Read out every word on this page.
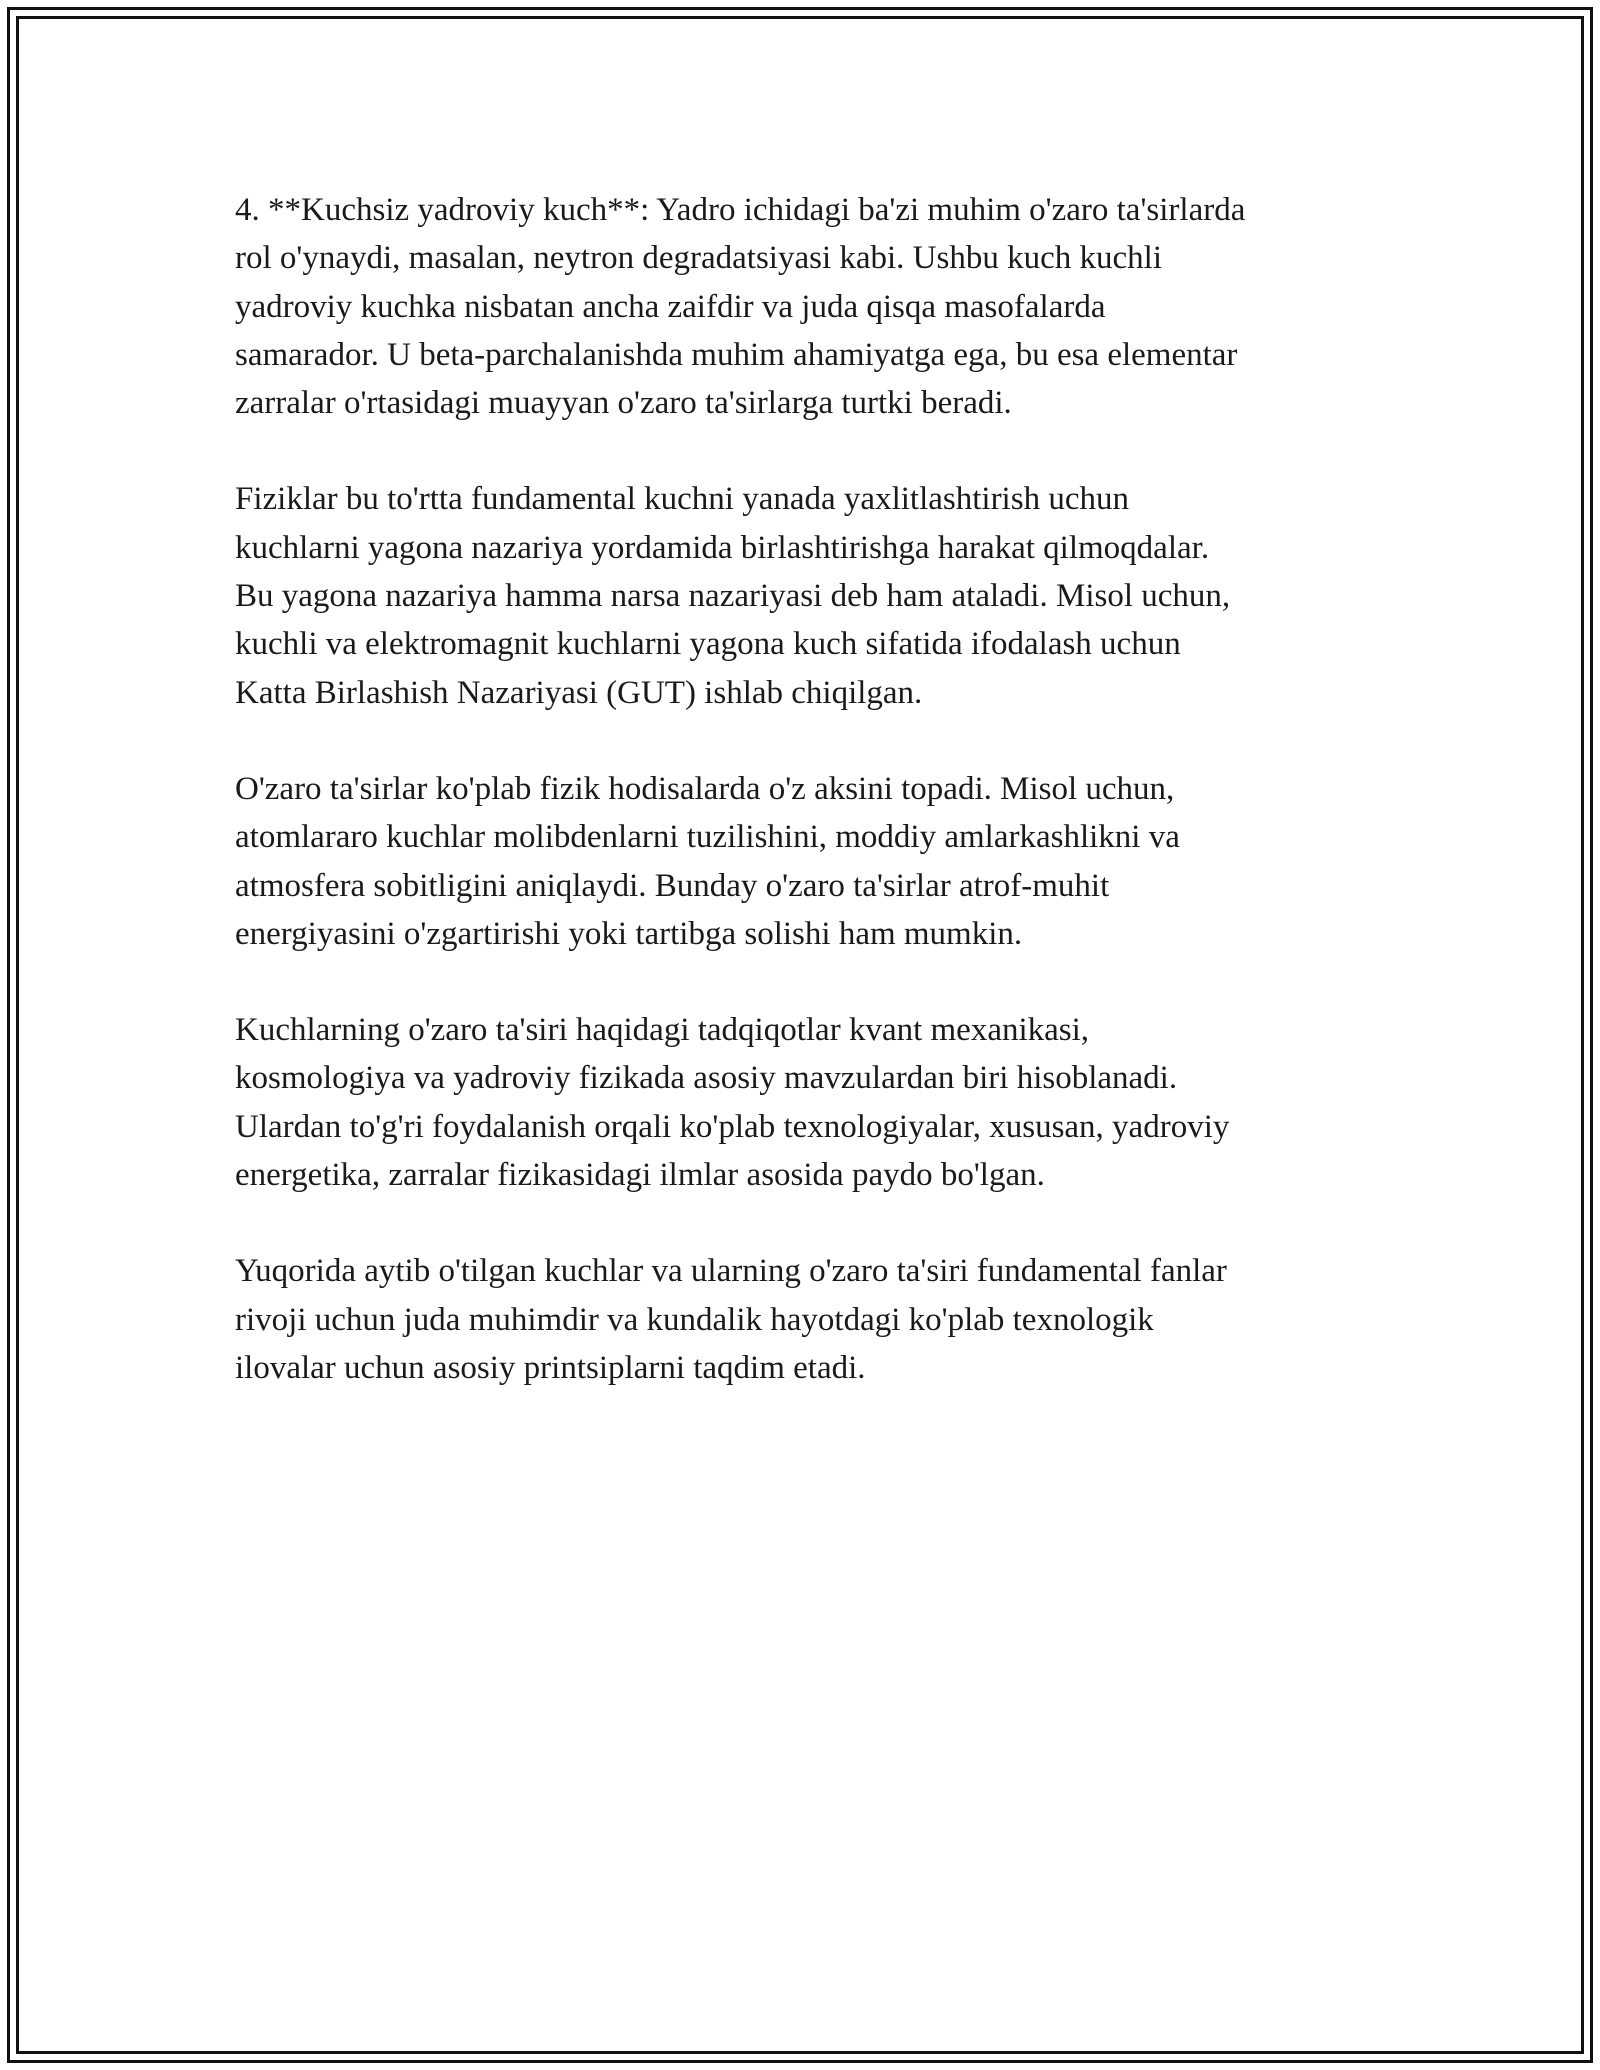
4. **Kuchsiz yadroviy kuch**: Yadro ichidagi ba'zi muhim o'zaro ta'sirlarda
rol o'ynaydi, masalan, neytron degradatsiyasi kabi. Ushbu kuch kuchli
yadroviy kuchka nisbatan ancha zaifdir va juda qisqa masofalarda
samarador. U beta-parchalanishda muhim ahamiyatga ega, bu esa elementar
zarralar o'rtasidagi muayyan o'zaro ta'sirlarga turtki beradi.

Fiziklar bu to'rtta fundamental kuchni yanada yaxlitlashtirish uchun
kuchlarni yagona nazariya yordamida birlashtirishga harakat qilmoqdalar.
Bu yagona nazariya hamma narsa nazariyasi deb ham ataladi. Misol uchun,
kuchli va elektromagnit kuchlarni yagona kuch sifatida ifodalash uchun
Katta Birlashish Nazariyasi (GUT) ishlab chiqilgan.

O'zaro ta'sirlar ko'plab fizik hodisalarda o'z aksini topadi. Misol uchun,
atomlararo kuchlar molibdenlarni tuzilishini, moddiy amlarkashlikni va
atmosfera sobitligini aniqlaydi. Bunday o'zaro ta'sirlar atrof-muhit
energiyasini o'zgartirishi yoki tartibga solishi ham mumkin.

Kuchlarning o'zaro ta'siri haqidagi tadqiqotlar kvant mexanikasi,
kosmologiya va yadroviy fizikada asosiy mavzulardan biri hisoblanadi.
Ulardan to'g'ri foydalanish orqali ko'plab texnologiyalar, xususan, yadroviy
energetika, zarralar fizikasidagi ilmlar asosida paydo bo'lgan.

Yuqorida aytib o'tilgan kuchlar va ularning o'zaro ta'siri fundamental fanlar
rivoji uchun juda muhimdir va kundalik hayotdagi ko'plab texnologik
ilovalar uchun asosiy printsiplarni taqdim etadi.
